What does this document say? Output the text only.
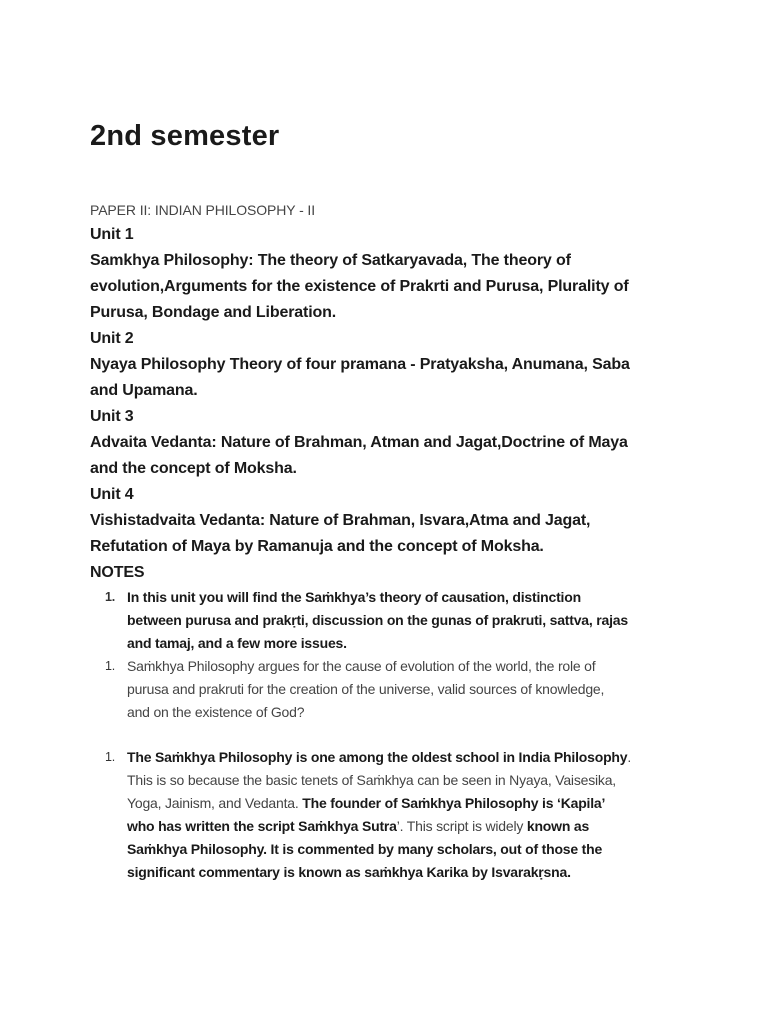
2nd semester

PAPER II: INDIAN PHILOSOPHY - II

Unit 1

Samkhya Philosophy: The theory of Satkaryavada, The theory of

evolution,Arguments for the existence of Prakrti and Purusa, Plurality of

Purusa, Bondage and Liberation.

Unit 2

Nyaya Philosophy Theory of four pramana - Pratyaksha, Anumana, Saba

and Upamana.

Unit 3

Advaita Vedanta: Nature of Brahman, Atman and Jagat,Doctrine of Maya

and the concept of Moksha.

Unit 4

Vishistadvaita Vedanta: Nature of Brahman, Isvara,Atma and Jagat,

Refutation of Maya by Ramanuja and the concept of Moksha.

NOTES

1. In this unit you will find the Saṁkhya’s theory of causation, distinction
between purusa and prakṛti, discussion on the gunas of prakruti, sattva, rajas
and tamaj, and a few more issues.
1. Saṁkhya Philosophy argues for the cause of evolution of the world, the role of
purusa and prakruti for the creation of the universe, valid sources of knowledge,
and on the existence of God?
1. The Saṁkhya Philosophy is one among the oldest school in India Philosophy.
This is so because the basic tenets of Saṁkhya can be seen in Nyaya, Vaisesika,
Yoga, Jainism, and Vedanta. The founder of Saṁkhya Philosophy is ‘Kapila’
who has written the script Saṁkhya Sutra’. This script is widely known as
Saṁkhya Philosophy. It is commented by many scholars, out of those the
significant commentary is known as saṁkhya Karika by Isvarakṛsna.
